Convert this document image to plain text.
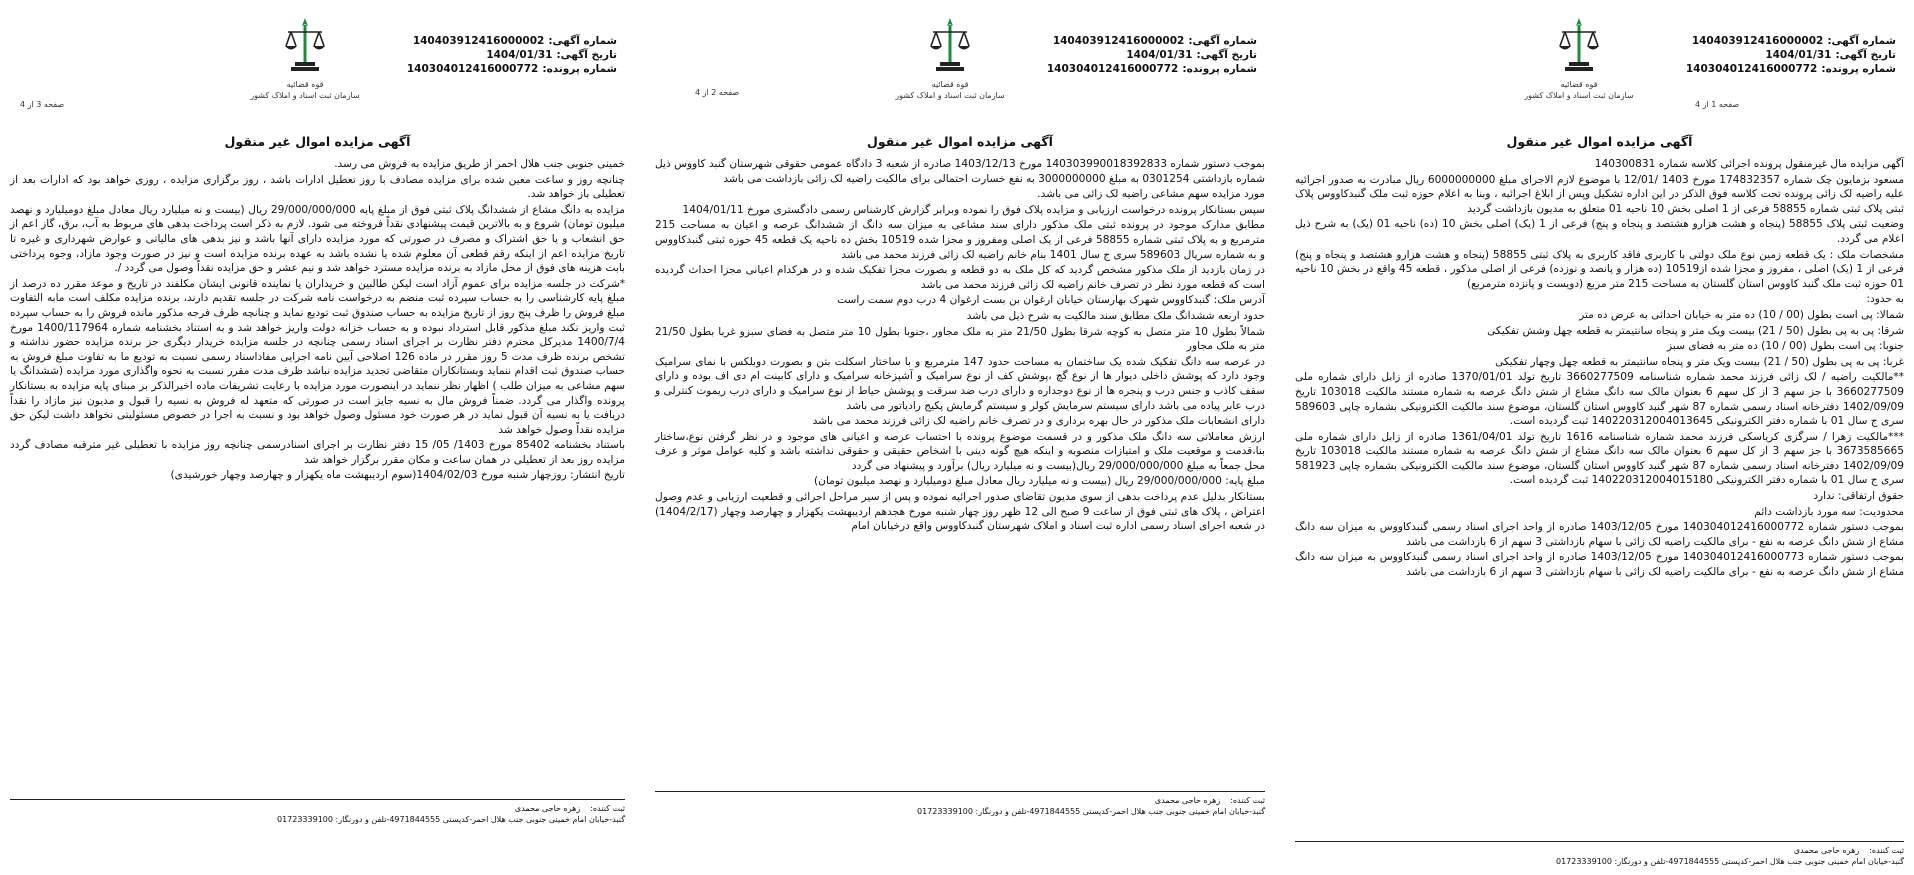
شماره آگهی:140403912416000002
تاریخ آگهی:1404/01/31
شماره پرونده:140304012416000772
قوه قضائیه
سازمان ثبت اسناد و املاک کشور
صفحه 1 از 4
آگهی مزایده اموال غیر منقول

آگهی مزایده مال غیرمنقول پرونده اجرائی کلاسه شماره 140300831

مسعود بزمایون چک شماره 174832357 مورخ 1403 /12/01 با موضوع لازم الاجرای مبلغ 6000000000 ریال مبادرت به صدور اجرائیه علیه راضیه لک زائی پرونده تحت کلاسه فوق الذکر در این اداره تشکیل وپس از ابلاغ اجرائیه ، وبنا به اعلام حوزه ثبت ملک گنبدکاووس پلاک ثبتی پلاک ثبتی شماره 58855 فرعی از 1 اصلی بخش 10 ناحیه 01 متعلق به مدیون بازداشت گردید

وضعیت ثبتی پلاک 58855 (پنجاه و هشت هزارو هشتصد و پنجاه و پنج) فرعی از 1 (یک) اصلی بخش 10 (ده) ناحیه 01 (یک) به شرح ذیل اعلام می گردد.

مشخصات ملک : یک قطعه زمین نوع ملک دولتی با کاربری فاقد کاربری به پلاک ثبتی 58855 (پنجاه و هشت هزارو هشتصد و پنجاه و پنج) فرعی از 1 (یک) اصلی ، مفروز و مجزا شده از10519 (ده هزار و پانصد و نوزده) فرعی از اصلی مذکور ، قطعه 45 واقع در بخش 10 ناحیه 01 حوزه ثبت ملک گنبد کاووس استان گلستان به مساحت 215 متر مربع (دویست و پانزده مترمربع)

به حدود:

شمالا: پی است بطول (00 / 10) ده متر به خیابان احداثی به عرض ده متر

شرقا: پی به پی بطول (50 / 21) بیست ویک متر و پنجاه سانتیمتر به قطعه چهل وشش تفکیکی

جنوبا: پی است بطول (00 / 10) ده متر به فضای سبز

غربا: پی به پی بطول (50 / 21) بیست ویک متر و پنجاه سانتیمتر به قطعه چهل وچهار تفکیکی

**مالکیت راضیه / لک زائی فرزند محمد شماره شناسنامه 3660277509 تاریخ تولد 1370/01/01 صادره از زابل دارای شماره ملی 3660277509 با جز سهم 3 از کل سهم 6 بعنوان مالک سه دانگ مشاع از شش دانگ عرصه به شماره مستند مالکیت 103018 تاریخ 1402/09/09 دفترخانه اسناد رسمی شماره 87 شهر گنبد کاووس استان گلستان، موضوع سند مالکیت الکترونیکی بشماره چاپی 589603 سری ج سال 01 با شماره دفتر الکترونیکی 140220312004013645 ثبت گردیده است.

***مالکیت زهرا / سرگزی کریاسکی فرزند محمد شماره شناسنامه 1616 تاریخ تولد 1361/04/01 صادره از زابل دارای شماره ملی 3673585665 با جز سهم 3 از کل سهم 6 بعنوان مالک سه دانگ مشاع از شش دانگ عرصه به شماره مستند مالکیت 103018 تاریخ 1402/09/09 دفترخانه اسناد رسمی شماره 87 شهر گنبد کاووس استان گلستان، موضوع سند مالکیت الکترونیکی بشماره چاپی 581923 سری ج سال 01 با شماره دفتر الکترونیکی 140220312004015180 ثبت گردیده است.

حقوق ارتفاقی: ندارد

محدودیت: سه مورد بازداشت دائم

بموجب دستور شماره 140304012416000772 مورخ 1403/12/05 صادره از واحد اجرای اسناد رسمی گنبدکاووس به میزان سه دانگ مشاع از شش دانگ عرصه به نفع - برای مالکیت راضیه لک زائی با سهام بازداشتی 3 سهم از 6 بازداشت می باشد

بموجب دستور شماره 140304012416000773 مورخ 1403/12/05 صادره از واحد اجرای اسناد رسمی گنبدکاووس به میزان سه دانگ مشاع از شش دانگ عرصه به نفع - برای مالکیت راضیه لک زائی با سهام بازداشتی 3 سهم از 6 بازداشت می باشد

ثبت کننده:
زهره حاجی محمدی
گنبد-خیابان امام خمینی جنوبی جنب هلال احمر-کدپستی 4971844555-تلفن و دورنگار: 01723339100
شماره آگهی:140403912416000002
تاریخ آگهی:1404/01/31
شماره پرونده:140304012416000772
قوه قضائیه
سازمان ثبت اسناد و املاک کشور
صفحه 2 از 4
آگهی مزایده اموال غیر منقول

بموجب دستور شماره 140303990018392833 مورخ 1403/12/13 صادره از شعبه 3 دادگاه عمومی حقوقی شهرستان گنبد کاووس ذیل شماره بازداشتی 0301254 به مبلغ 3000000000 به نفع خسارت احتمالی برای مالکیت راضیه لک زائی بازداشت می باشد

مورد مزایده سهم مشاعی راضیه لک زائی می باشد.

سپس بستانکار پرونده درخواست ارزیابی و مزایده پلاک فوق را نموده وبرابر گزارش کارشناس رسمی دادگستری مورخ 1404/01/11

مطابق مدارک موجود در پرونده ثبتی ملک مذکور دارای سند مشاعی به میزان سه دانگ از ششدانگ عرصه و اعیان به مساحت 215 مترمربع و به پلاک ثبتی شماره 58855 فرعی از یک اصلی ومفروز و مجزا شده 10519 بخش ده ناحیه یک قطعه 45 حوزه ثبتی گنبدکاووس و به شماره سریال 589603 سری ج سال 1401 بنام خانم راضیه لک زائی فرزند محمد می باشد

در زمان بازدید از ملک مذکور مشخص گردید که کل ملک به دو قطعه و بصورت مجزا تفکیک شده و در هرکدام اعیانی مجزا احداث گردیده است که قطعه مورد نظر در تصرف خانم راضیه لک زائی فرزند محمد می باشد

آدرس ملک: گنبدکاووس شهرک بهارستان خیابان ارغوان بن بست ارغوان 4 درب دوم سمت راست

حدود اربعه ششدانگ ملک مطابق سند مالکیت به شرح ذیل می باشد

شمالاً بطول 10 متر متصل به کوچه شرقا بطول 21/50 متر به ملک مجاور ،جنوبا بطول 10 متر متصل به فضای سبزو غربا بطول 21/50 متر به ملک مجاور

در عرصه سه دانگ تفکیک شده یک ساختمان به مساحت حدود 147 مترمربع و با ساختار اسکلت بتن و بصورت دوبلکس با نمای سرامیک وجود دارد که پوشش داخلی دیوار ها از نوع گچ ،پوشش کف از نوع سرامیک و آشپزخانه سرامیک و دارای کابینت ام دی اف بوده و دارای سقف کاذب و جنس درب و پنجره ها از نوع دوجداره و دارای درب ضد سرقت و پوشش حیاط از نوع سرامیک و دارای درب ریموت کنترلی و درب عابر پیاده می باشد دارای سیستم سرمایش کولر و سیستم گرمایش پکیج رادیاتور می باشد

دارای انشعابات ملک مذکور در حال بهره برداری و در تصرف خانم راضیه لک زائی فرزند محمد می باشد

ارزش معاملاتی سه دانگ ملک مذکور و در قسمت موضوع پرونده با احتساب عرصه و اعیانی های موجود و در نظر گرفتن نوع،ساختار بنا،قدمت و موقعیت ملک و امتیازات منصوبه و اینکه هیچ گونه دینی با اشخاص حقیقی و حقوقی نداشته باشد و کلیه عوامل موثر و عرف محل جمعاً به مبلغ 29/000/000/000 ریال(بیست و نه میلیارد ریال) برآورد و پیشنهاد می گردد

مبلغ پایه: 29/000/000/000 ریال (بیست و نه میلیارد ریال معادل مبلغ دومیلیارد و نهصد میلیون تومان)

بستانکار بدلیل عدم پرداخت بدهی از سوی مدیون تقاضای صدور اجرائیه نموده و پس از سیر مراحل اجرائی و قطعیت ارزیابی و عدم وصول اعتراض ، پلاک های ثبتی فوق از ساعت 9 صبح الی 12 ظهر روز چهار شنبه مورخ هجدهم اردیبهشت یکهزار و چهارصد وچهار (1404/2/17) در شعبه اجرای اسناد رسمی اداره ثبت اسناد و املاک شهرستان گنبدکاووس واقع درخیابان امام

ثبت کننده:
زهره حاجی محمدی
گنبد-خیابان امام خمینی جنوبی جنب هلال احمر-کدپستی 4971844555-تلفن و دورنگار: 01723339100
شماره آگهی:140403912416000002
تاریخ آگهی:1404/01/31
شماره پرونده:140304012416000772
قوه قضائیه
سازمان ثبت اسناد و املاک کشور
صفحه 3 از 4
آگهی مزایده اموال غیر منقول

خمینی جنوبی جنب هلال احمر از طریق مزایده به فروش می رسد.

چنانچه روز و ساعت معین شده برای مزایده مصادف با روز تعطیل ادارات باشد ، روز برگزاری مزایده ، روزی خواهد بود که ادارات بعد از تعطیلی باز خواهد شد.

مزایده به دانگ مشاع از ششدانگ پلاک ثبتی فوق از مبلغ پایه 29/000/000/000 ریال (بیست و نه میلیارد ریال معادل مبلغ دومیلیارد و نهصد میلیون تومان) شروع و به بالاترین قیمت پیشنهادی نقداً فروخته می شود. لازم به ذکر است پرداخت بدهی های مربوط به آب، برق، گاز اعم از حق انشعاب و یا حق اشتراک و مصرف در صورتی که مورد مزایده دارای آنها باشد و نیز بدهی های مالیاتی و عوارض شهرداری و غیره تا تاریخ مزایده اعم از اینکه رقم قطعی آن معلوم شده یا نشده باشد به عهده برنده مزایده است و نیز در صورت وجود مازاد، وجوه پرداختی بابت هزینه های فوق از محل مازاد به برنده مزایده مسترد خواهد شد و نیم عشر و حق مزایده نقداً وصول می گردد /.

*شرکت در جلسه مزایده برای عموم آزاد است لیکن طالبین و خریداران یا نماینده قانونی ایشان مکلفند در تاریخ و موعد مقرر ده درصد از مبلغ پایه کارشناسی را به حساب سپرده ثبت منضم به درخواست نامه شرکت در جلسه تقدیم دارند، برنده مزایده مکلف است مابه التفاوت مبلغ فروش را ظرف پنج روز از تاریخ مزایده به حساب صندوق ثبت تودیع نماید و چنانچه ظرف فرجه مذکور مانده فروش را به حساب سپرده ثبت واریز نکند مبلغ مذکور قابل استرداد نبوده و به حساب خزانه دولت واریز خواهد شد و به استناد بخشنامه شماره 1400/117964 مورخ 1400/7/4 مدیرکل محترم دفتر نظارت بر اجرای اسناد رسمی چنانچه در جلسه مزایده خریدار دیگری جز برنده مزایده حضور نداشته و تشخص برنده ظرف مدت 5 روز مقرر در ماده 126 اصلاحی آیین نامه اجرایی مفاداسناد رسمی نسبت به تودیع ما به تفاوت مبلغ فروش به حساب صندوق ثبت اقدام ننماید وبستانکاران متقاضی تجدید مزایده نباشد ظرف مدت مقرر نسبت به نحوه واگذاری مورد مزایده (ششدانگ یا سهم مشاعی به میزان طلب ) اظهار نظر ننماید در اینصورت مورد مزایده با رعایت تشریفات ماده اخیرالذکر بر مبنای پایه مزایده به بستانکار پرونده واگذار می گردد. ضمناً فروش مال به نسیه جایز است در صورتی که متعهد له فروش به نسیه را قبول و مدیون نیز مازاد را نقداً دریافت یا به نسیه آن قبول نماید در هر صورت خود مسئول وصول خواهد بود و نسبت به اجرا در خصوص مسئولیتی نخواهد داشت لیکن حق مزایده نقداً وصول خواهد شد

باستناد بخشنامه 85402 مورخ 1403/ 05/ 15 دفتر نظارت بر اجرای اسنادرسمی چنانچه روز مزایده با تعطیلی غیر مترقبه مصادف گردد مزایده روز بعد از تعطیلی در همان ساعت و مکان مقرر برگزار خواهد شد

تاریخ انتشار: روزچهار شنبه مورخ 1404/02/03(سوم اردیبهشت ماه یکهزار و چهارصد وچهار خورشیدی)

ثبت کننده:
زهره حاجی محمدی
گنبد-خیابان امام خمینی جنوبی جنب هلال احمر-کدپستی 4971844555-تلفن و دورنگار: 01723339100
